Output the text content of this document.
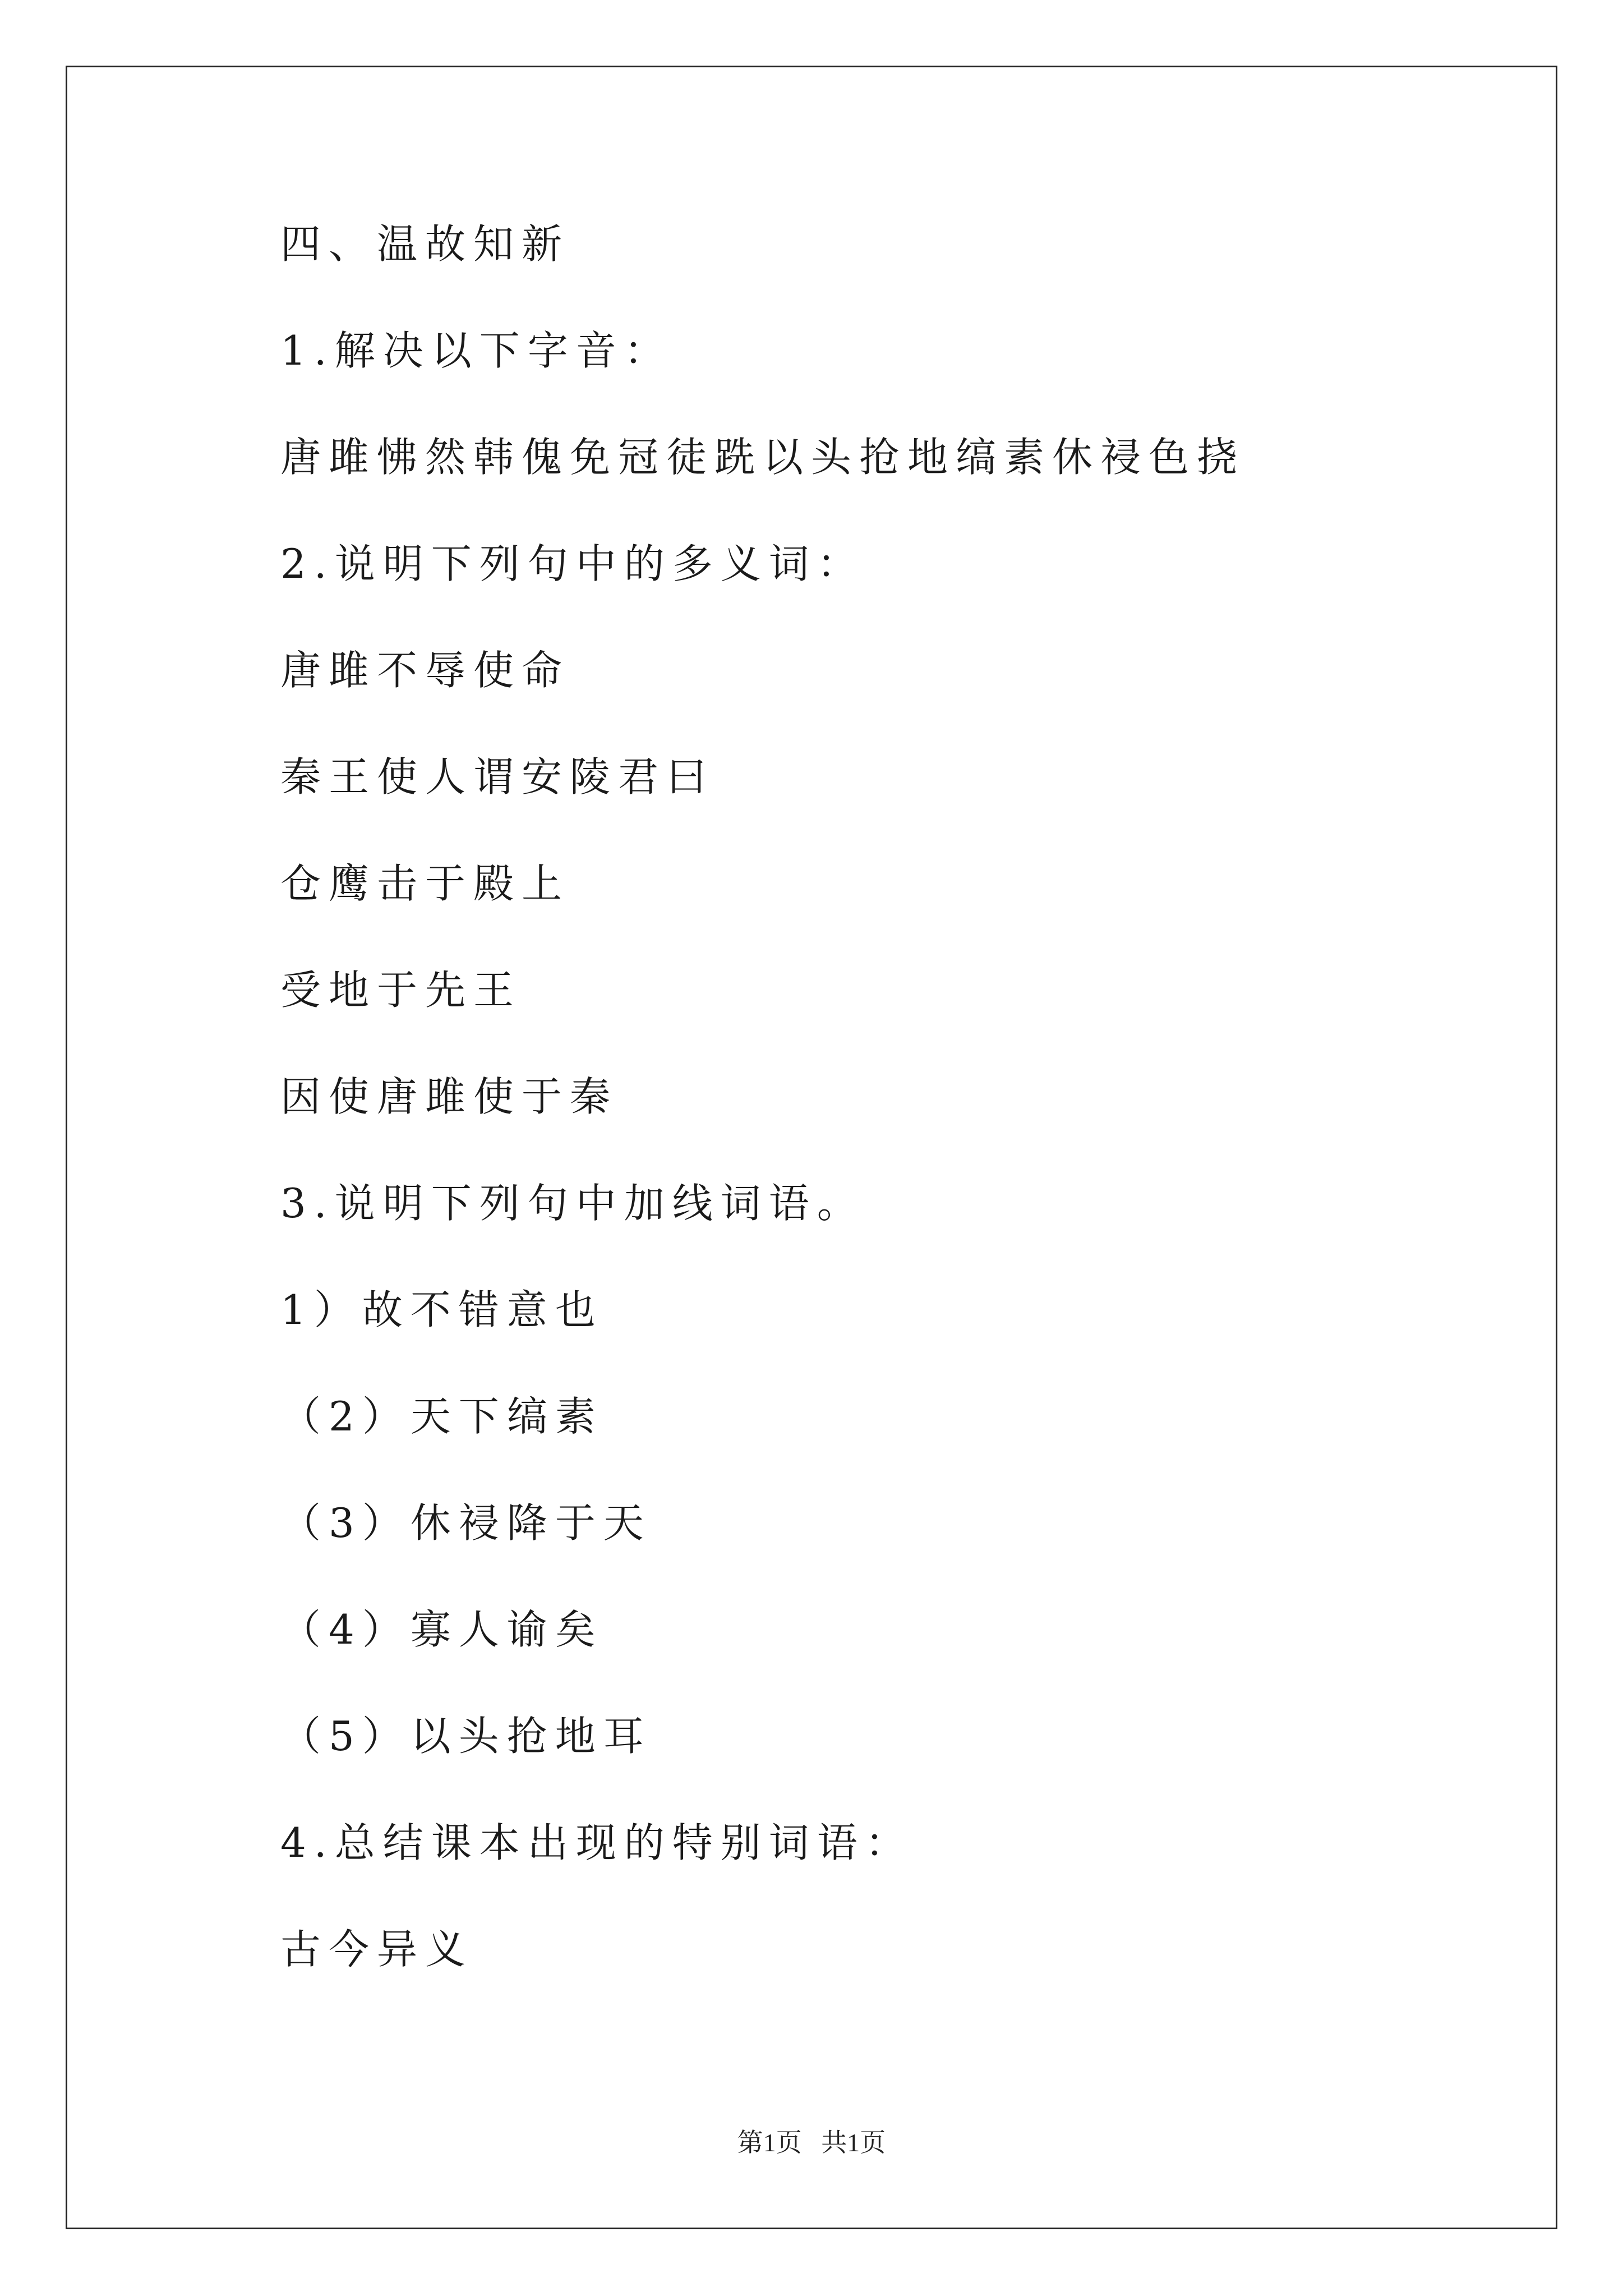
四、温故知新
1.解决以下字音：
唐雎怫然韩傀免冠徒跣以头抢地缟素休祲色挠
2.说明下列句中的多义词：
唐雎不辱使命
秦王使人谓安陵君曰
仓鹰击于殿上
受地于先王
因使唐雎使于秦
3.说明下列句中加线词语。
1）故不错意也
（2）天下缟素
（3）休祲降于天
（4）寡人谕矣
（5）以头抢地耳
4.总结课本出现的特别词语：
古今异义
第1页   共1页
